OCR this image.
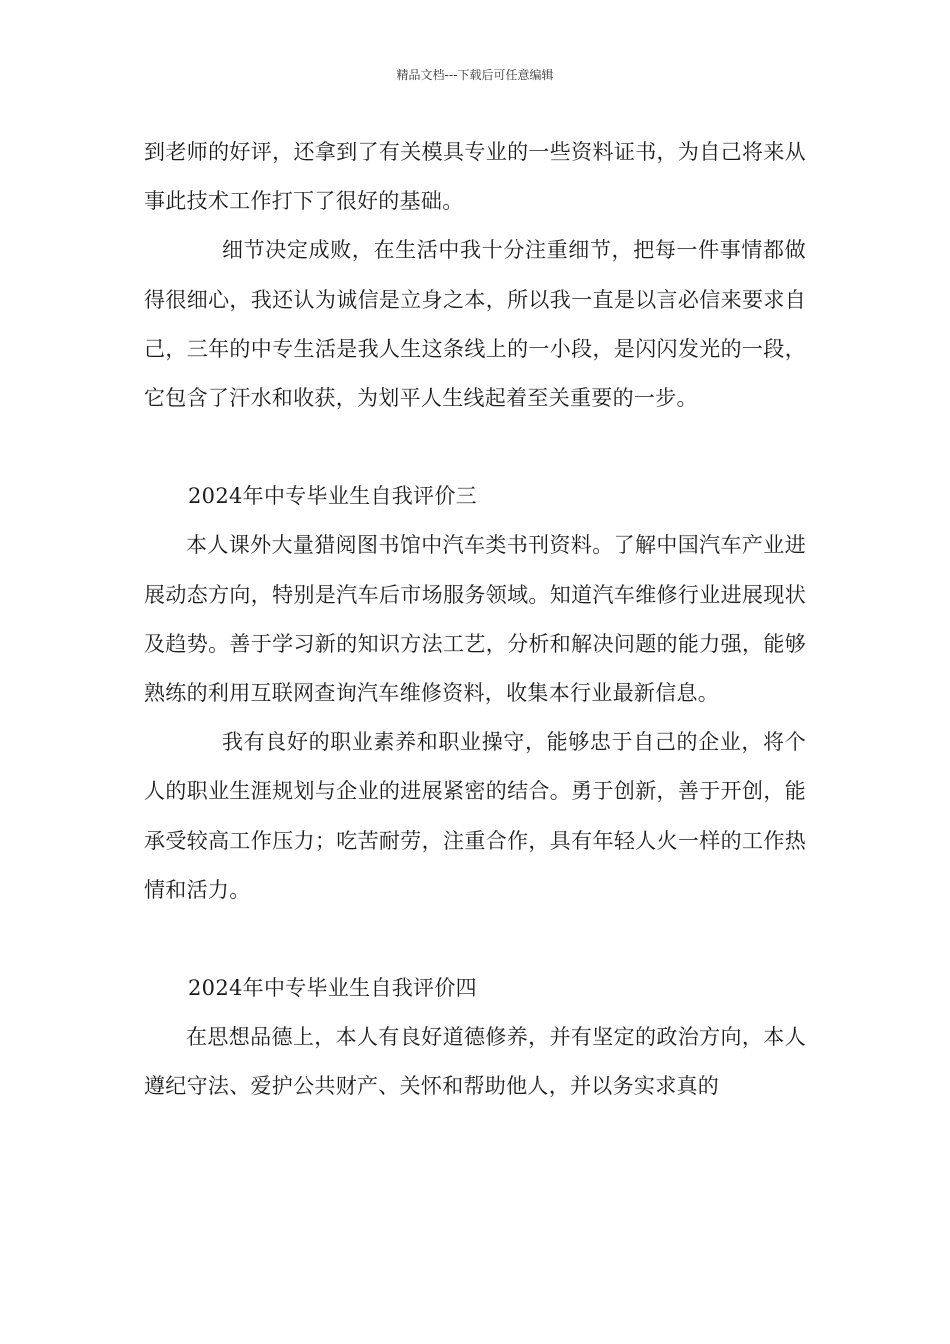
精品文档---下载后可任意编辑

到老师的好评，还拿到了有关模具专业的一些资料证书，为自己将来从事此技术工作打下了很好的基础。

细节决定成败，在生活中我十分注重细节，把每一件事情都做得很细心，我还认为诚信是立身之本，所以我一直是以言必信来要求自己，三年的中专生活是我人生这条线上的一小段，是闪闪发光的一段，它包含了汗水和收获，为划平人生线起着至关重要的一步。

2024年中专毕业生自我评价三

本人课外大量猎阅图书馆中汽车类书刊资料。了解中国汽车产业进展动态方向，特别是汽车后市场服务领域。知道汽车维修行业进展现状及趋势。善于学习新的知识方法工艺，分析和解决问题的能力强，能够熟练的利用互联网查询汽车维修资料，收集本行业最新信息。

我有良好的职业素养和职业操守，能够忠于自己的企业，将个人的职业生涯规划与企业的进展紧密的结合。勇于创新，善于开创，能承受较高工作压力；吃苦耐劳，注重合作，具有年轻人火一样的工作热情和活力。

2024年中专毕业生自我评价四

在思想品德上，本人有良好道德修养，并有坚定的政治方向，本人遵纪守法、爱护公共财产、关怀和帮助他人，并以务实求真的
